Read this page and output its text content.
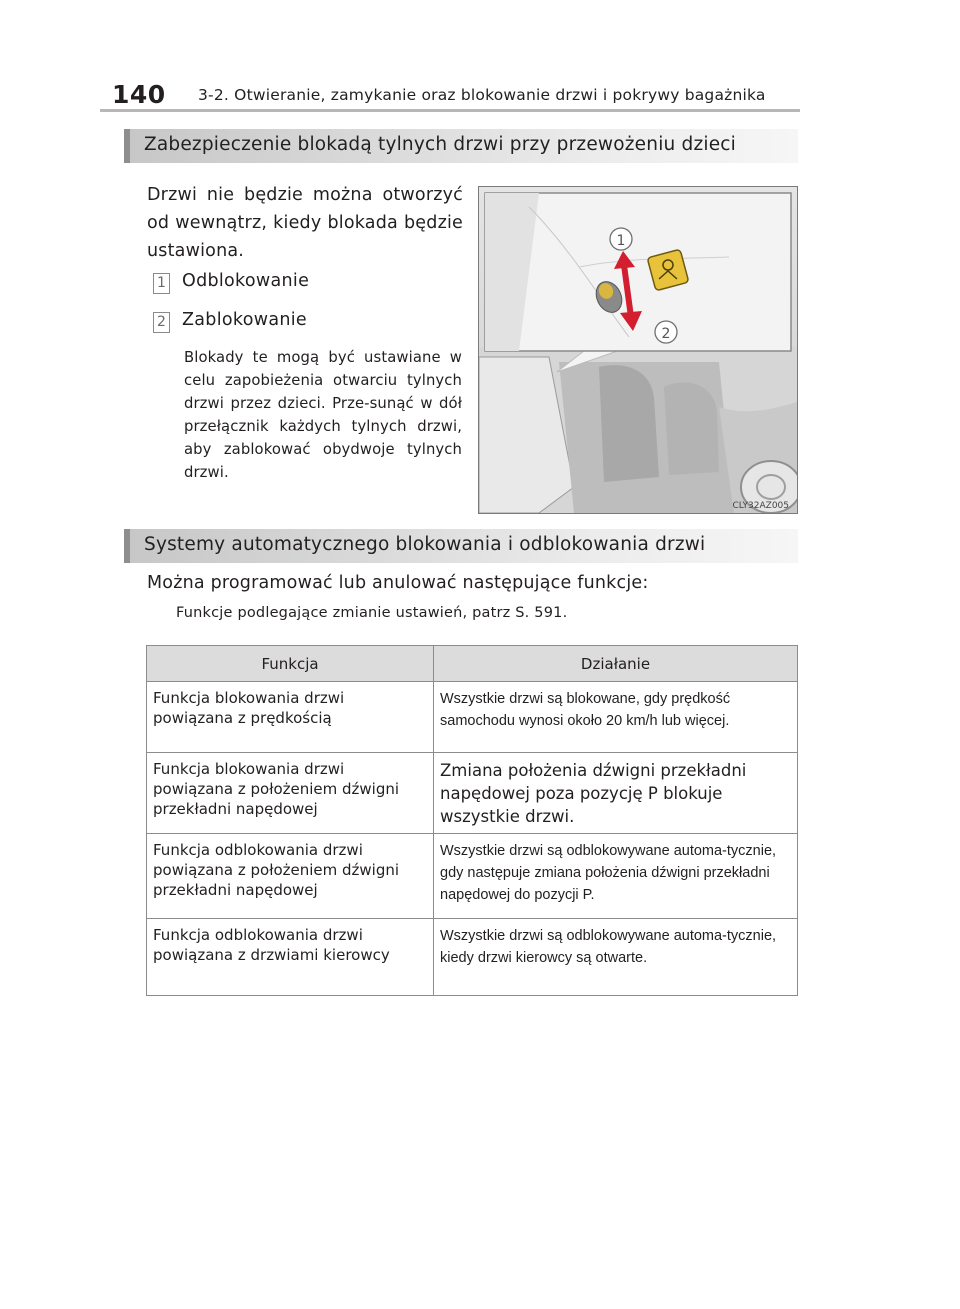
140 3-2. Otwieranie, zamykanie oraz blokowanie drzwi i pokrywy bagażnika
Zabezpieczenie blokadą tylnych drzwi przy przewożeniu dzieci
Drzwi nie będzie można otworzyć od wewnątrz, kiedy blokada będzie ustawiona.
1 Odblokowanie
2 Zablokowanie
Blokady te mogą być ustawiane w celu zapobieżenia otwarciu tylnych drzwi przez dzieci. Prze-sunąć w dół przełącznik każdych tylnych drzwi, aby zablokować obydwoje tylnych drzwi.
1
2
CLY32AZ005
Systemy automatycznego blokowania i odblokowania drzwi
Można programować lub anulować następujące funkcje:
Funkcje podlegające zmianie ustawień, patrz S. 591.
Funkcja	Działanie
Funkcja blokowania drzwi powiązana z prędkością	Wszystkie drzwi są blokowane, gdy prędkość samochodu wynosi około 20 km/h lub więcej.
Funkcja blokowania drzwi powiązana z położeniem dźwigni przekładni napędowej	Zmiana położenia dźwigni przekładni napędowej poza pozycję P blokuje wszystkie drzwi.
Funkcja odblokowania drzwi powiązana z położeniem dźwigni przekładni napędowej	Wszystkie drzwi są odblokowywane automa-tycznie, gdy następuje zmiana położenia dźwigni przekładni napędowej do pozycji P.
Funkcja odblokowania drzwi powiązana z drzwiami kierowcy	Wszystkie drzwi są odblokowywane automa-tycznie, kiedy drzwi kierowcy są otwarte.
